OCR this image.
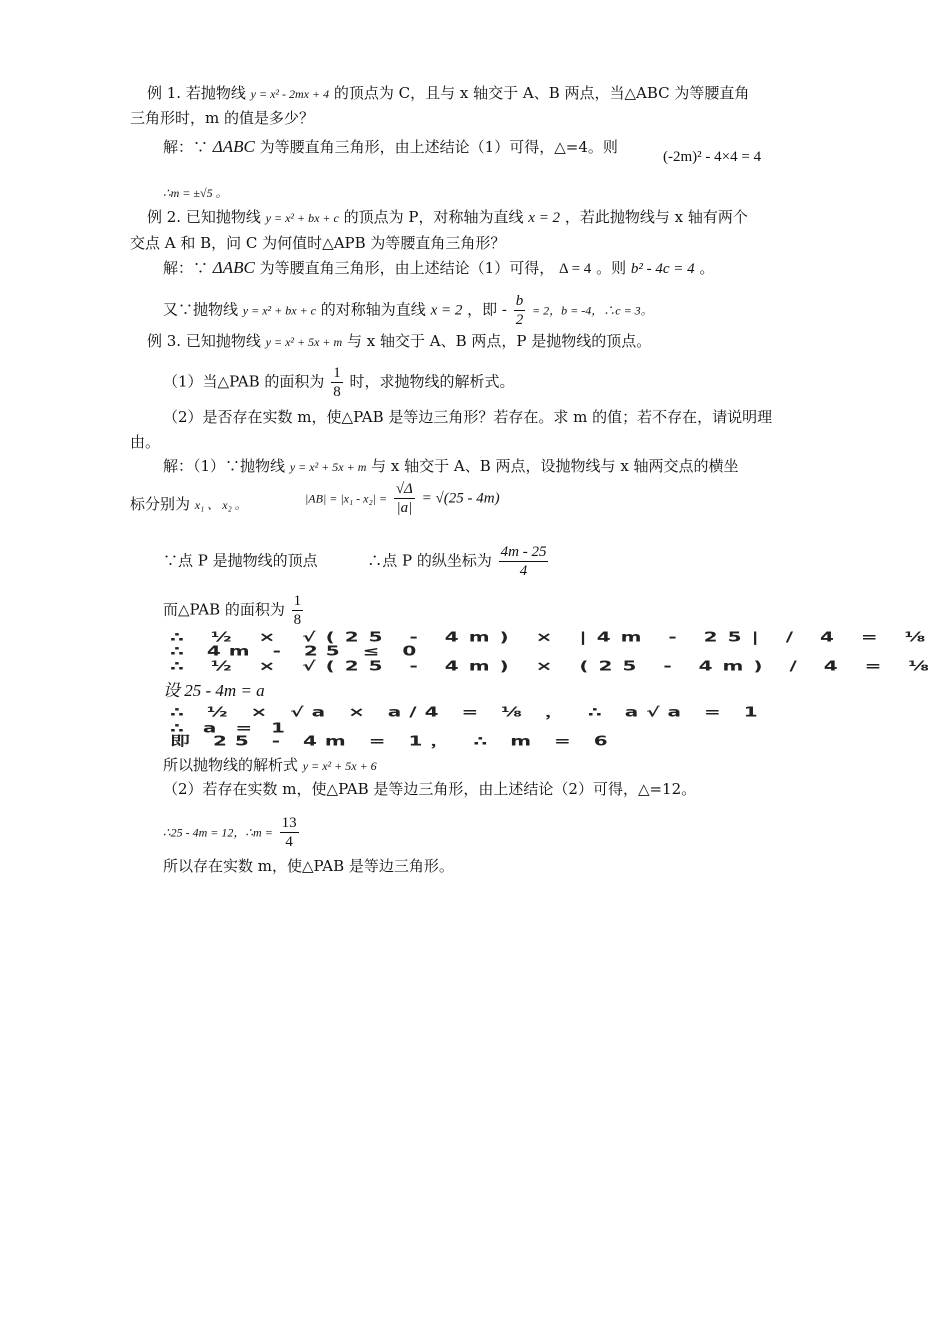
例 1. 若抛物线 y = x² - 2mx + 4 的顶点为 C，且与 x 轴交于 A、B 两点，当△ABC 为等腰直角
三角形时，m 的值是多少？
解：∵ ΔABC 为等腰直角三角形，由上述结论（1）可得，△=4。则
(-2m)² - 4×4 = 4
∴m = ±√5 。
例 2. 已知抛物线 y = x² + bx + c 的顶点为 P，对称轴为直线 x = 2 ，若此抛物线与 x 轴有两个
交点 A 和 B，问 C 为何值时△APB 为等腰直角三角形？
解：∵ ΔABC 为等腰直角三角形，由上述结论（1）可得， Δ = 4 。则 b² - 4c = 4 。
又∵抛物线 y = x² + bx + c 的对称轴为直线 x = 2 ，即 - $\frac{b}{2} = 2$，b = -4，∴c = 3。
例 3. 已知抛物线 y = x² + 5x + m 与 x 轴交于 A、B 两点，P 是抛物线的顶点。
（1）当△PAB 的面积为 $\frac{1}{8}$ 时，求抛物线的解析式。
（2）是否存在实数 m，使△PAB 是等边三角形？若存在。求 m 的值；若不存在，请说明理
由。
解：（1）∵抛物线 y = x² + 5x + m 与 x 轴交于 A、B 两点，设抛物线与 x 轴两交点的横坐
标分别为 x₁ 、 x₂ 。	$|AB| = |x_1 - x_2| = \frac{√\Delta}{|a|} = √(25 - 4m)$
∵点 P 是抛物线的顶点	∴点 P 的纵坐标为 $\frac{4m - 25}{4}$
而△PAB 的面积为 $\frac{1}{8}$
∴ ½ × √(25 - 4m) × |4m - 25| / 4 = ⅛
∴ 4m - 25 ≤ 0
∴ ½ × √(25 - 4m) × (25 - 4m) / 4 = ⅛
设 25 - 4m = a
∴ ½ × √a × a/4 = ⅛ ， ∴ a√a = 1
∴ a = 1
即 25 - 4m = 1， ∴ m = 6
所以抛物线的解析式 y = x² + 5x + 6
（2）若存在实数 m，使△PAB 是等边三角形，由上述结论（2）可得，△=12。
∴25 - 4m = 12，∴m = $\frac{13}{4}$
所以存在实数 m，使△PAB 是等边三角形。
